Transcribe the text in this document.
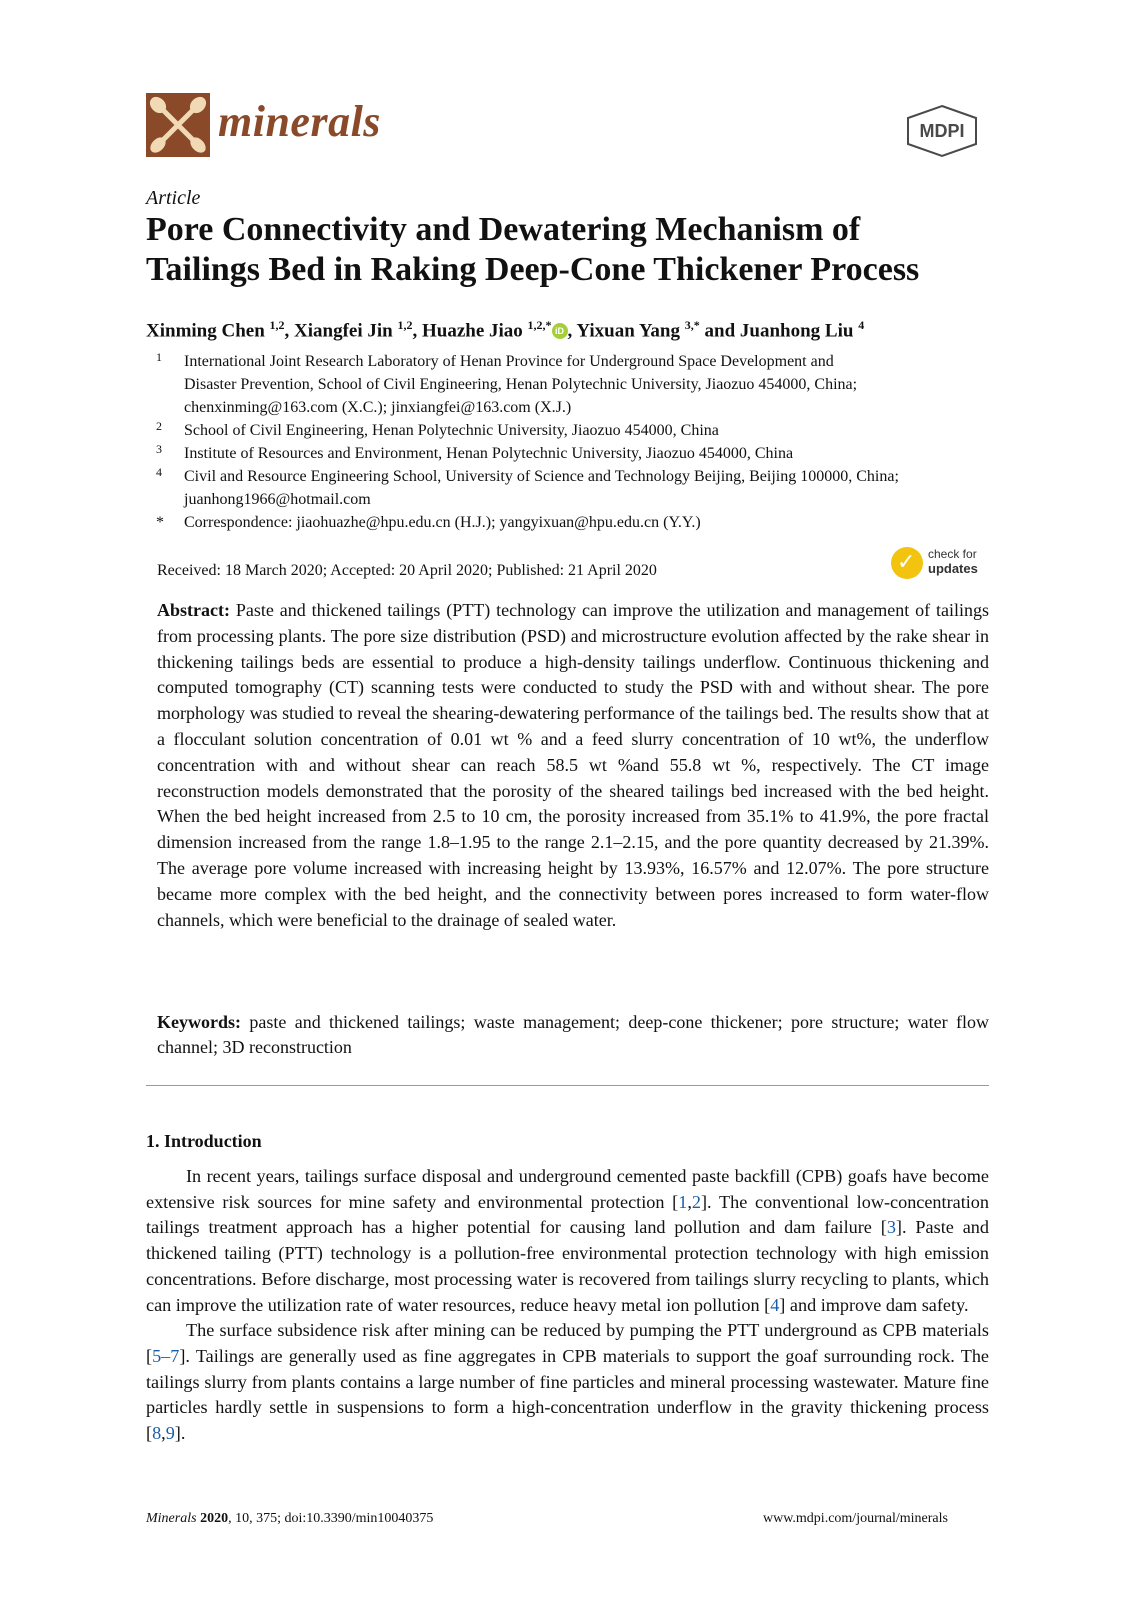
minerals	MDPI
Article
Pore Connectivity and Dewatering Mechanism of
Tailings Bed in Raking Deep-Cone Thickener Process
Xinming Chen $^{1,2}$, Xiangfei Jin $^{1,2}$, Huazhe Jiao $^{1,2,*}$ iD , Yixuan Yang $^{3,*}$ and Juanhong Liu $^4$
1 International Joint Research Laboratory of Henan Province for Underground Space Development and
Disaster Prevention, School of Civil Engineering, Henan Polytechnic University, Jiaozuo 454000, China;
chenxinming@163.com (X.C.); jinxiangfei@163.com (X.J.)
2 School of Civil Engineering, Henan Polytechnic University, Jiaozuo 454000, China
3 Institute of Resources and Environment, Henan Polytechnic University, Jiaozuo 454000, China
4 Civil and Resource Engineering School, University of Science and Technology Beijing, Beijing 100000, China;
juanhong1966@hotmail.com
* Correspondence: jiaohuazhe@hpu.edu.cn (H.J.); yangyixuan@hpu.edu.cn (Y.Y.)
Received: 18 March 2020; Accepted: 20 April 2020; Published: 21 April 2020	✓ check for
updates
Abstract: Paste and thickened tailings (PTT) technology can improve the utilization and management of tailings from processing plants. The pore size distribution (PSD) and microstructure evolution affected by the rake shear in thickening tailings beds are essential to produce a high-density tailings underflow. Continuous thickening and computed tomography (CT) scanning tests were conducted to study the PSD with and without shear. The pore morphology was studied to reveal the shearing-dewatering performance of the tailings bed. The results show that at a flocculant solution concentration of 0.01 wt % and a feed slurry concentration of 10 wt%, the underflow concentration with and without shear can reach 58.5 wt %and 55.8 wt %, respectively. The CT image reconstruction models demonstrated that the porosity of the sheared tailings bed increased with the bed height. When the bed height increased from 2.5 to 10 cm, the porosity increased from 35.1% to 41.9%, the pore fractal dimension increased from the range 1.8–1.95 to the range 2.1–2.15, and the pore quantity decreased by 21.39%. The average pore volume increased with increasing height by 13.93%, 16.57% and 12.07%. The pore structure became more complex with the bed height, and the connectivity between pores increased to form water-flow channels, which were beneficial to the drainage of sealed water.
Keywords: paste and thickened tailings; waste management; deep-cone thickener; pore structure; water flow channel; 3D reconstruction
1. Introduction

In recent years, tailings surface disposal and underground cemented paste backfill (CPB) goafs have become extensive risk sources for mine safety and environmental protection [1,2]. The conventional low-concentration tailings treatment approach has a higher potential for causing land pollution and dam failure [3]. Paste and thickened tailing (PTT) technology is a pollution-free environmental protection technology with high emission concentrations. Before discharge, most processing water is recovered from tailings slurry recycling to plants, which can improve the utilization rate of water resources, reduce heavy metal ion pollution [4] and improve dam safety.

The surface subsidence risk after mining can be reduced by pumping the PTT underground as CPB materials [5–7]. Tailings are generally used as fine aggregates in CPB materials to support the goaf surrounding rock. The tailings slurry from plants contains a large number of fine particles and mineral processing wastewater. Mature fine particles hardly settle in suspensions to form a high-concentration underflow in the gravity thickening process [8,9].

Minerals 2020, 10, 375; doi:10.3390/min10040375	www.mdpi.com/journal/minerals
